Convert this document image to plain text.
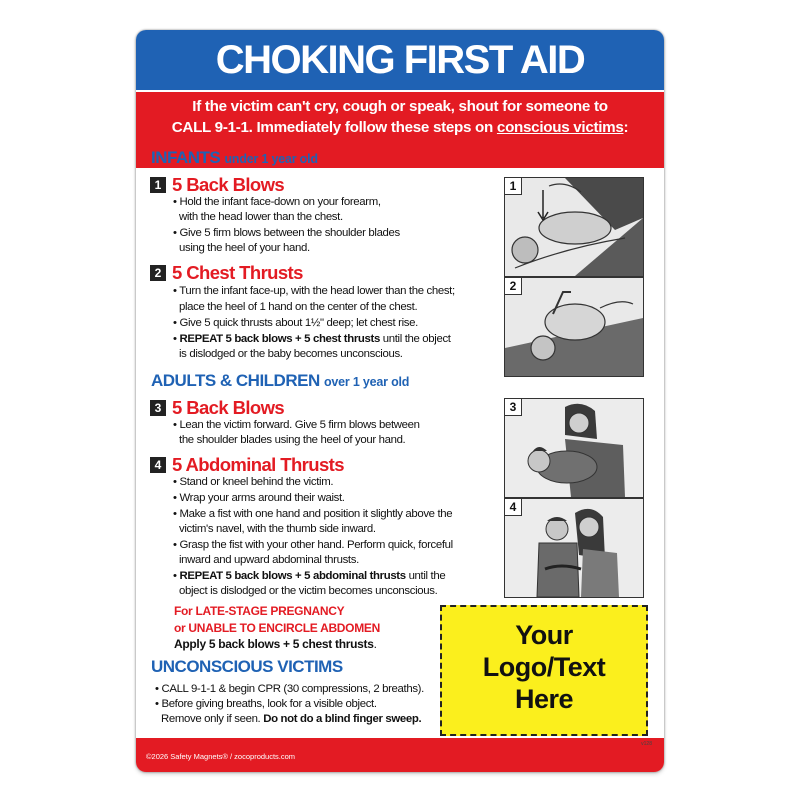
CHOKING FIRST AID
If the victim can't cry, cough or speak, shout for someone to
CALL 9-1-1. Immediately follow these steps on conscious victims:
INFANTS under 1 year old
1 5 Back Blows
• Hold the infant face-down on your forearm,
with the head lower than the chest.
• Give 5 firm blows between the shoulder blades
using the heel of your hand.
2 5 Chest Thrusts
• Turn the infant face-up, with the head lower than the chest;
place the heel of 1 hand on the center of the chest.
• Give 5 quick thrusts about 1½" deep; let chest rise.
• REPEAT 5 back blows + 5 chest thrusts until the object
is dislodged or the baby becomes unconscious.
ADULTS & CHILDREN over 1 year old
3 5 Back Blows
• Lean the victim forward. Give 5 firm blows between
the shoulder blades using the heel of your hand.
4 5 Abdominal Thrusts
• Stand or kneel behind the victim.
• Wrap your arms around their waist.
• Make a fist with one hand and position it slightly above the
victim's navel, with the thumb side inward.
• Grasp the fist with your other hand. Perform quick, forceful
inward and upward abdominal thrusts.
• REPEAT 5 back blows + 5 abdominal thrusts until the
object is dislodged or the victim becomes unconscious.
For LATE-STAGE PREGNANCY
or UNABLE TO ENCIRCLE ABDOMEN
Apply 5 back blows + 5 chest thrusts.
UNCONSCIOUS VICTIMS
• CALL 9-1-1 & begin CPR (30 compressions, 2 breaths).
• Before giving breaths, look for a visible object.
Remove only if seen. Do not do a blind finger sweep.
1
2
3
4
Your
Logo/Text
Here
©2026 Safety Magnets® / zocoproducts.com
v128
